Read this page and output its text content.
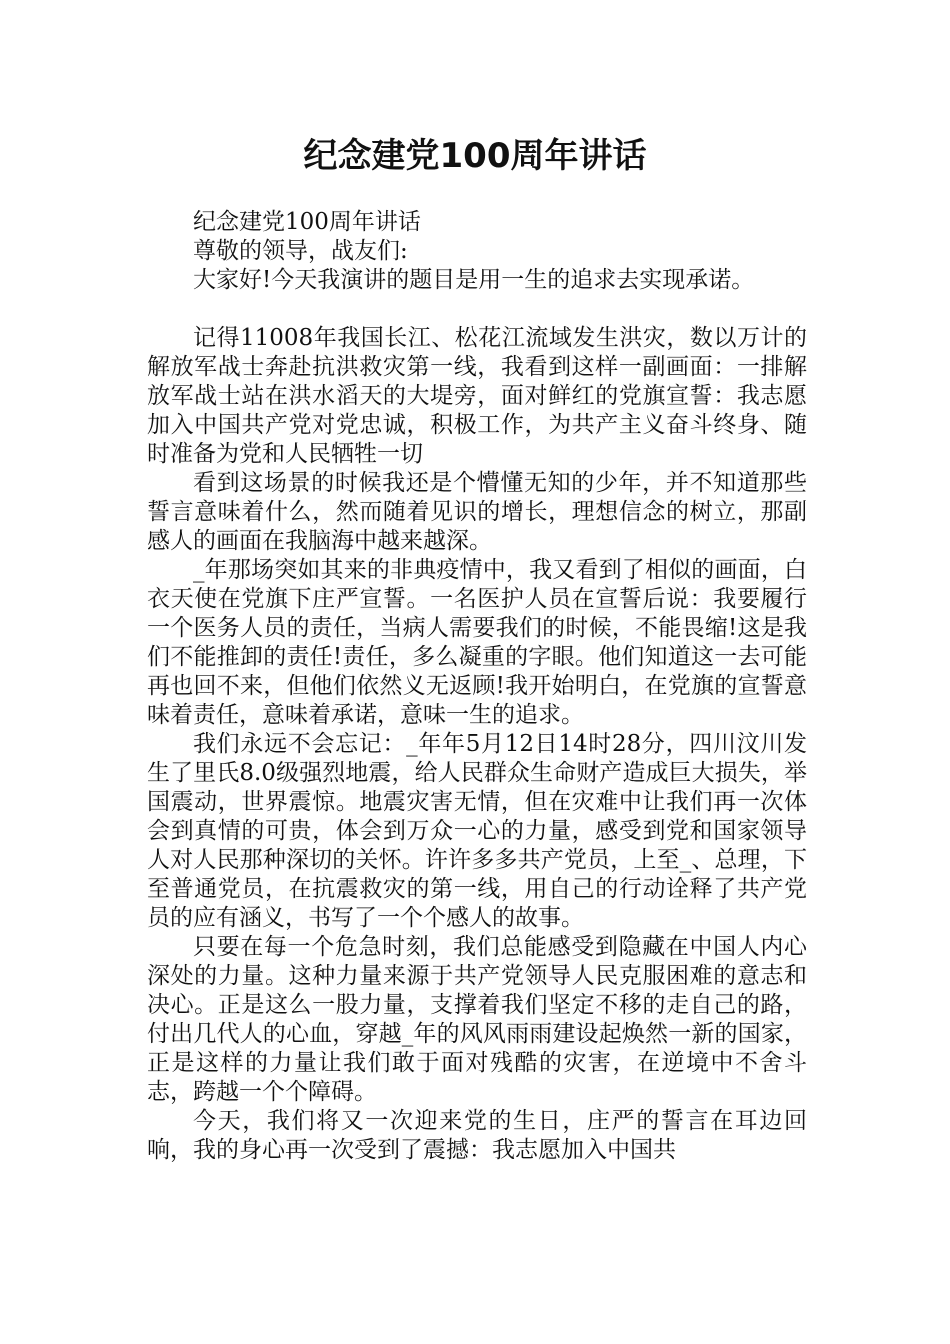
纪念建党100周年讲话

纪念建党100周年讲话

尊敬的领导，战友们:

大家好!今天我演讲的题目是用一生的追求去实现承诺。

记得11008年我国长江、松花江流域发生洪灾，数以万计的解放军战士奔赴抗洪救灾第一线，我看到这样一副画面：一排解放军战士站在洪水滔天的大堤旁，面对鲜红的党旗宣誓：我志愿加入中国共产党对党忠诚，积极工作，为共产主义奋斗终身、随时准备为党和人民牺牲一切

看到这场景的时候我还是个懵懂无知的少年，并不知道那些誓言意味着什么，然而随着见识的增长，理想信念的树立，那副感人的画面在我脑海中越来越深。

_年那场突如其来的非典疫情中，我又看到了相似的画面，白衣天使在党旗下庄严宣誓。一名医护人员在宣誓后说：我要履行一个医务人员的责任，当病人需要我们的时候，不能畏缩!这是我们不能推卸的责任!责任，多么凝重的字眼。他们知道这一去可能再也回不来，但他们依然义无返顾!我开始明白，在党旗的宣誓意味着责任，意味着承诺，意味一生的追求。

我们永远不会忘记：_年年5月12日14时28分，四川汶川发生了里氏8.0级强烈地震，给人民群众生命财产造成巨大损失，举国震动，世界震惊。地震灾害无情，但在灾难中让我们再一次体会到真情的可贵，体会到万众一心的力量，感受到党和国家领导人对人民那种深切的关怀。许许多多共产党员，上至_、总理，下至普通党员，在抗震救灾的第一线，用自己的行动诠释了共产党员的应有涵义，书写了一个个感人的故事。

只要在每一个危急时刻，我们总能感受到隐藏在中国人内心深处的力量。这种力量来源于共产党领导人民克服困难的意志和决心。正是这么一股力量，支撑着我们坚定不移的走自己的路，付出几代人的心血，穿越_年的风风雨雨建设起焕然一新的国家，正是这样的力量让我们敢于面对残酷的灾害，在逆境中不舍斗志，跨越一个个障碍。

今天，我们将又一次迎来党的生日，庄严的誓言在耳边回响，我的身心再一次受到了震撼：我志愿加入中国共
